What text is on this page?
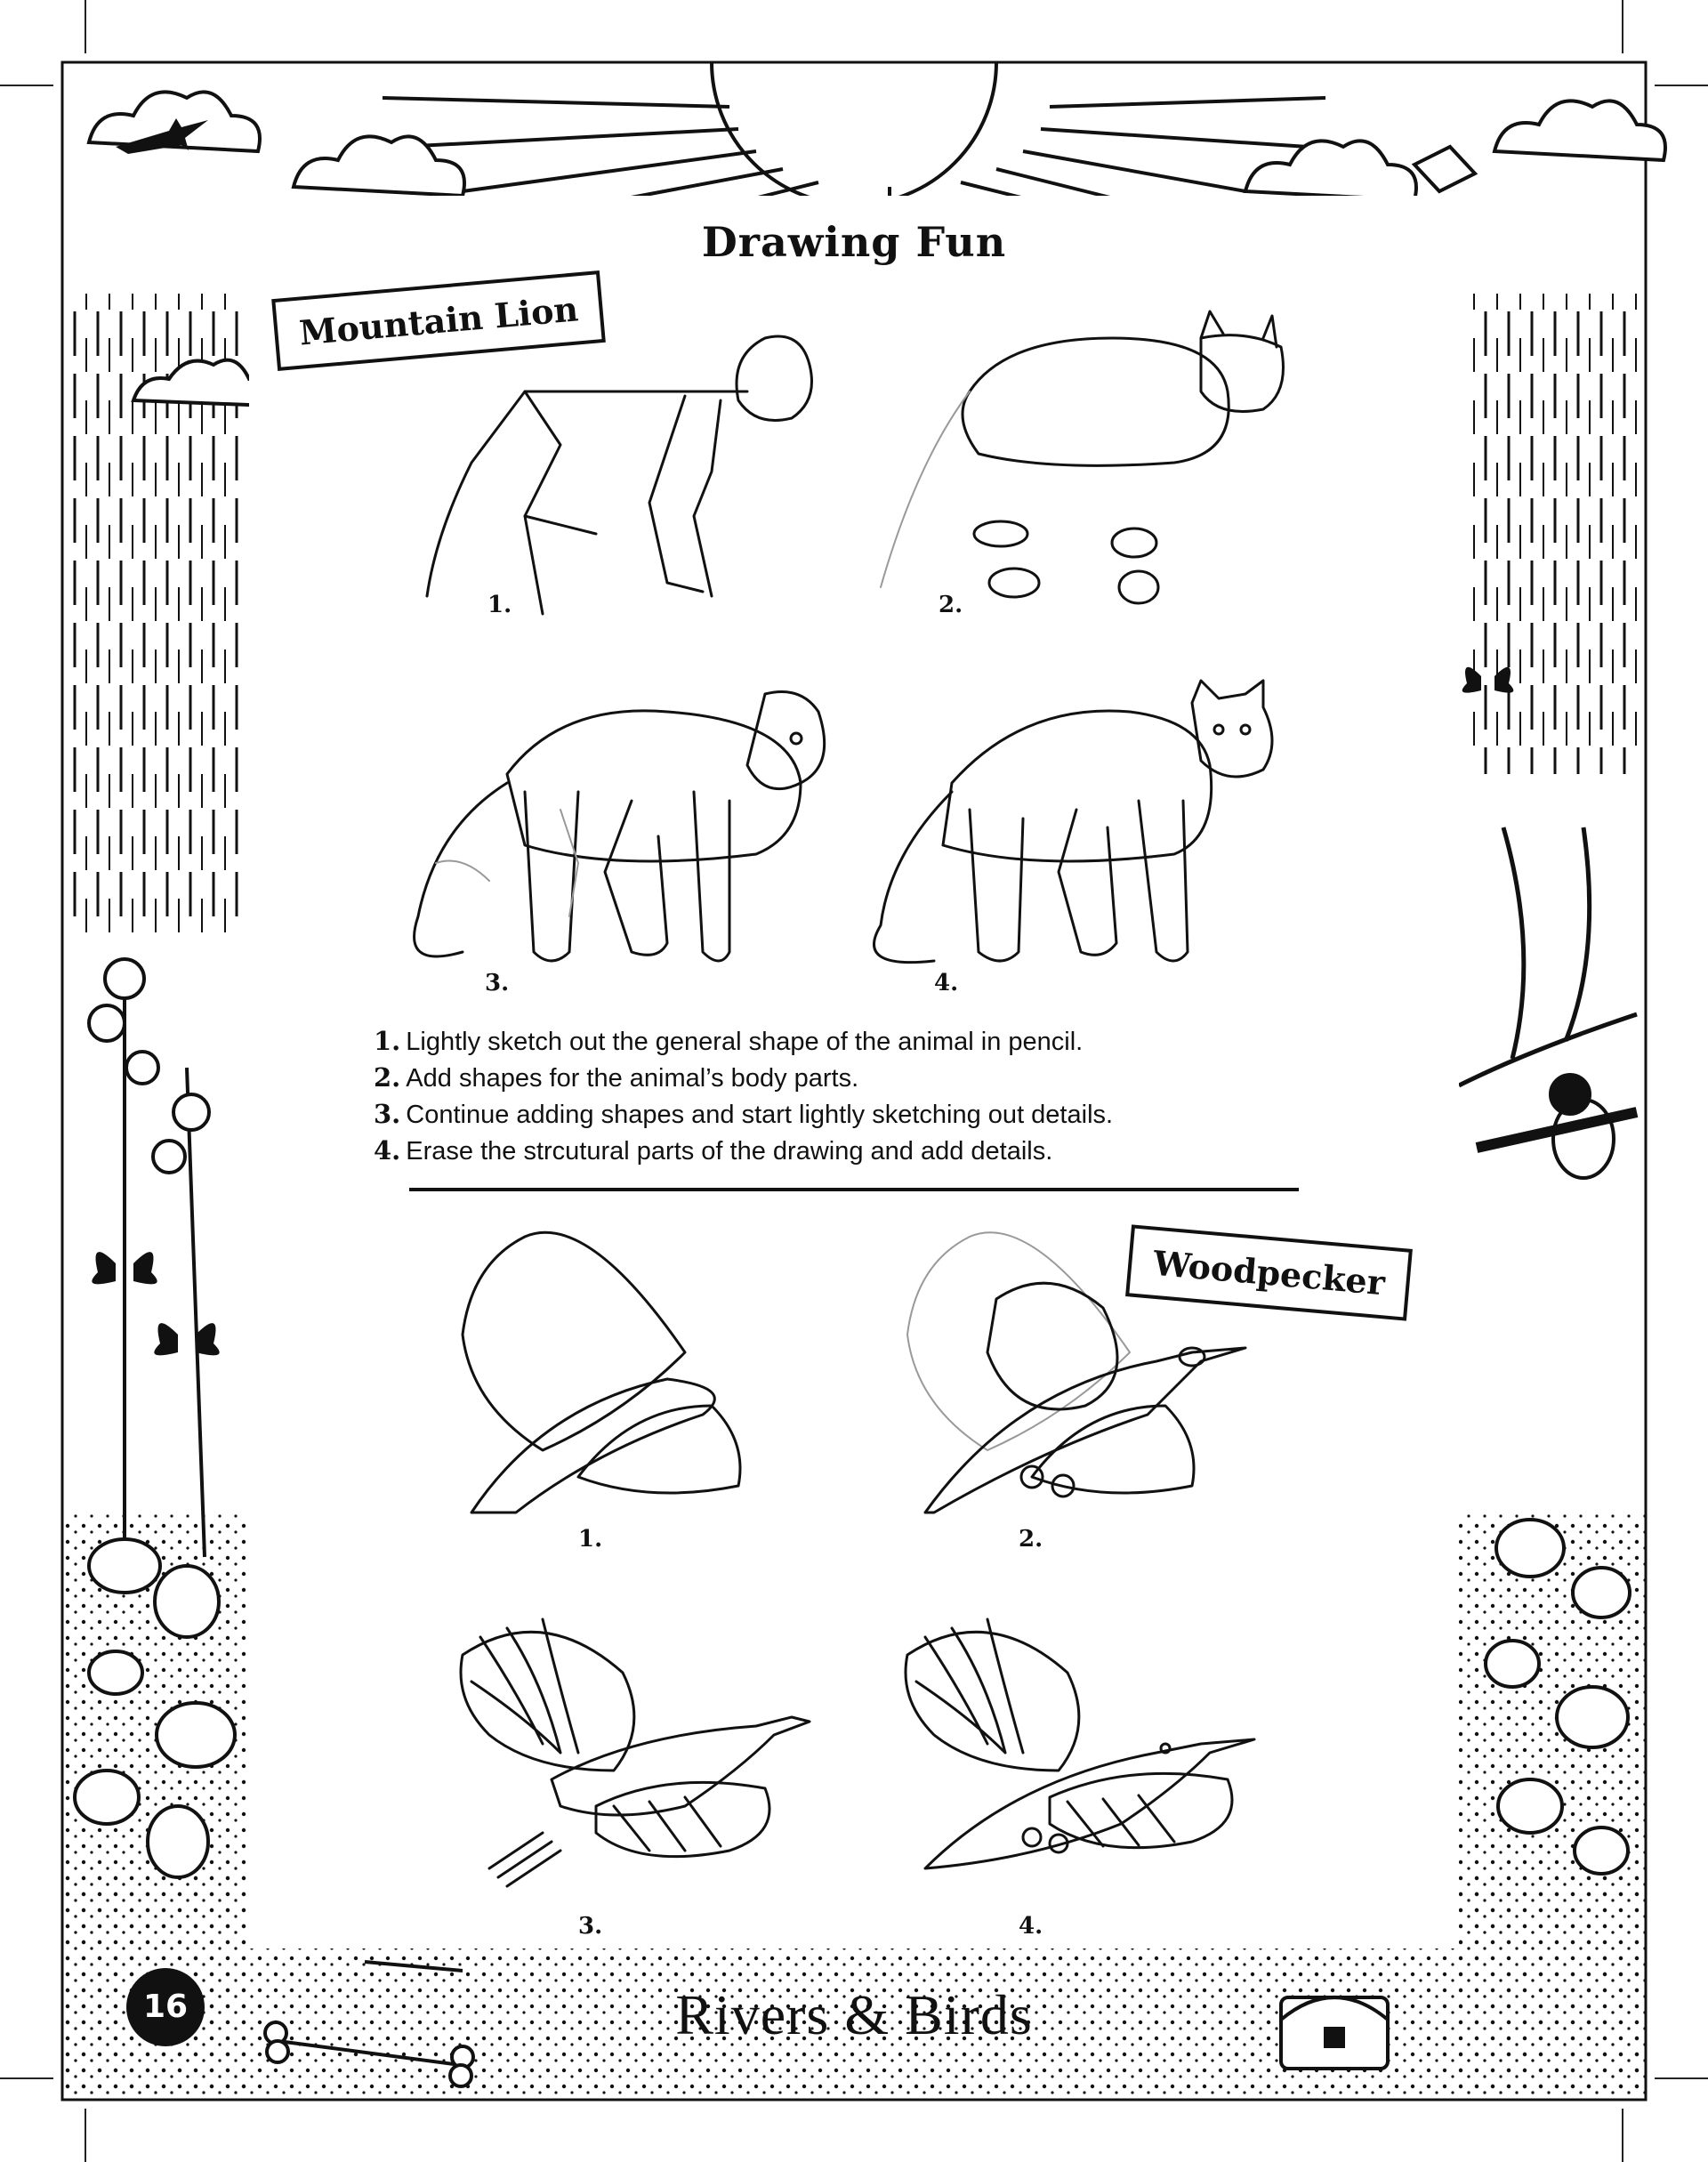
Drawing Fun
Mountain Lion
Woodpecker
1.	2.
3.	4.
1. Lightly sketch out the general shape of the animal in pencil.
2. Add shapes for the animal’s body parts.
3. Continue adding shapes and start lightly sketching out details.
4. Erase the strcutural parts of the drawing and add details.
1.	2.
3.	4.
16	Rivers & Birds
